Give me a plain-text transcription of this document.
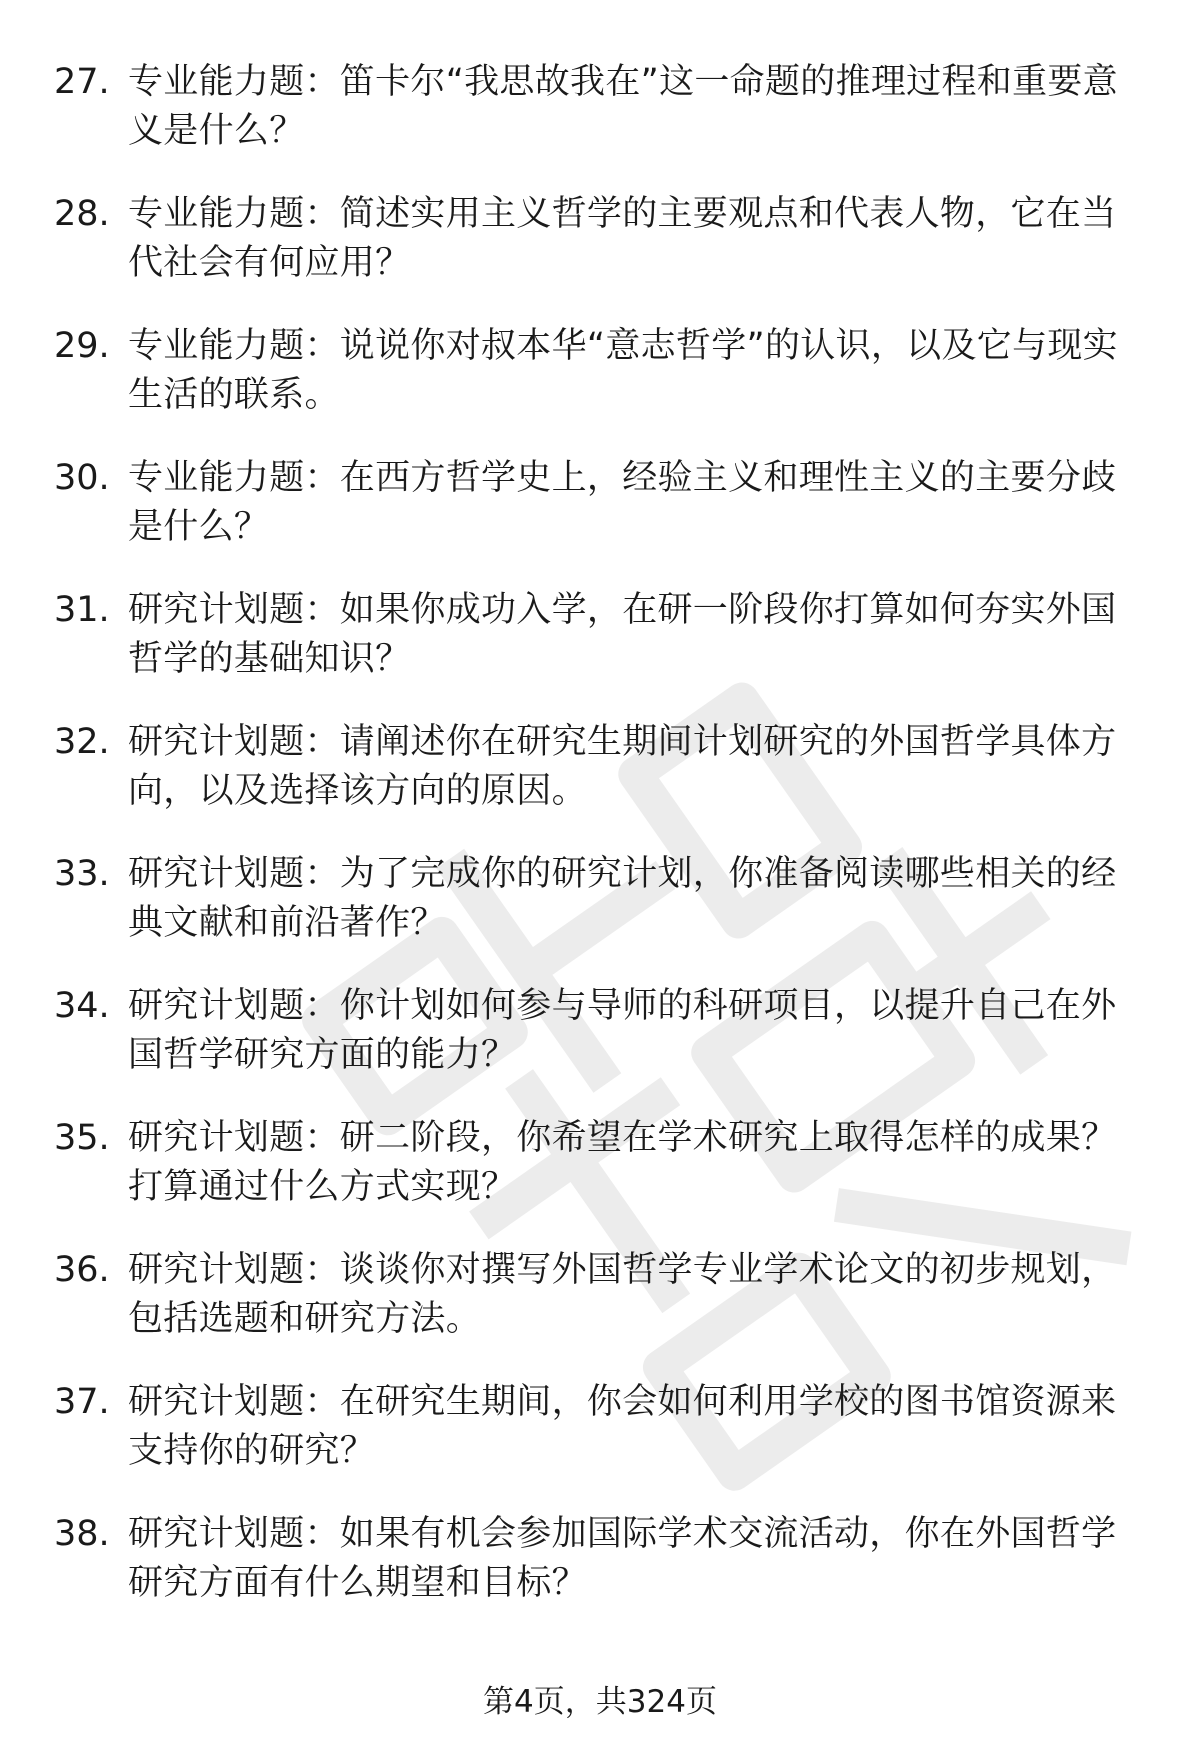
27. 专业能力题：笛卡尔“我思故我在”这一命题的推理过程和重要意义是什么？
28. 专业能力题：简述实用主义哲学的主要观点和代表人物，它在当代社会有何应用？
29. 专业能力题：说说你对叔本华“意志哲学”的认识，以及它与现实生活的联系。
30. 专业能力题：在西方哲学史上，经验主义和理性主义的主要分歧是什么？
31. 研究计划题：如果你成功入学，在研一阶段你打算如何夯实外国哲学的基础知识？
32. 研究计划题：请阐述你在研究生期间计划研究的外国哲学具体方向，以及选择该方向的原因。
33. 研究计划题：为了完成你的研究计划，你准备阅读哪些相关的经典文献和前沿著作？
34. 研究计划题：你计划如何参与导师的科研项目，以提升自己在外国哲学研究方面的能力？
35. 研究计划题：研二阶段，你希望在学术研究上取得怎样的成果？打算通过什么方式实现？
36. 研究计划题：谈谈你对撰写外国哲学专业学术论文的初步规划，包括选题和研究方法。
37. 研究计划题：在研究生期间，你会如何利用学校的图书馆资源来支持你的研究？
38. 研究计划题：如果有机会参加国际学术交流活动，你在外国哲学研究方面有什么期望和目标？
第4页，共324页
